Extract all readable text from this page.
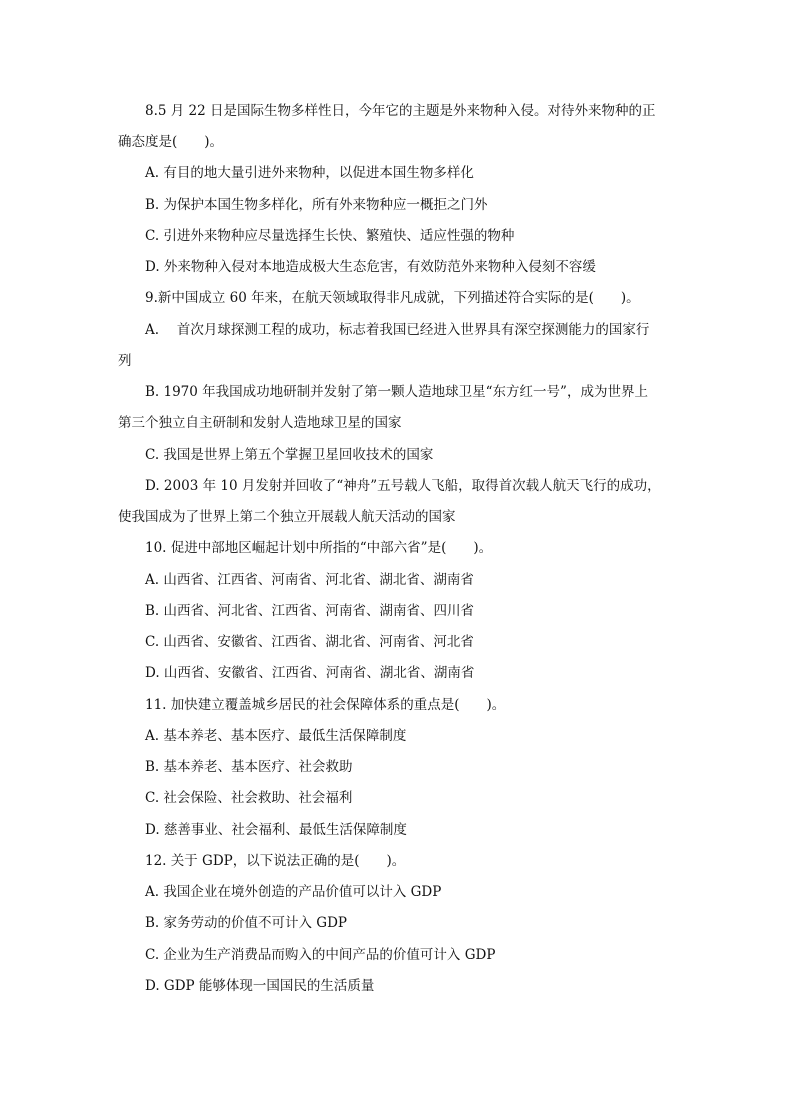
8.5 月 22 日是国际生物多样性日，今年它的主题是外来物种入侵。对待外来物种的正
确态度是(　　)。
A. 有目的地大量引进外来物种，以促进本国生物多样化
B. 为保护本国生物多样化，所有外来物种应一概拒之门外
C. 引进外来物种应尽量选择生长快、繁殖快、适应性强的物种
D. 外来物种入侵对本地造成极大生态危害，有效防范外来物种入侵刻不容缓
9.新中国成立 60 年来，在航天领域取得非凡成就，下列描述符合实际的是(　　)。
A.　 首次月球探测工程的成功，标志着我国已经进入世界具有深空探测能力的国家行
列
B. 1970 年我国成功地研制并发射了第一颗人造地球卫星“东方红一号”，成为世界上
第三个独立自主研制和发射人造地球卫星的国家
C. 我国是世界上第五个掌握卫星回收技术的国家
D. 2003 年 10 月发射并回收了“神舟”五号载人飞船，取得首次载人航天飞行的成功，
使我国成为了世界上第二个独立开展载人航天活动的国家
10. 促进中部地区崛起计划中所指的“中部六省”是(　　)。
A. 山西省、江西省、河南省、河北省、湖北省、湖南省
B. 山西省、河北省、江西省、河南省、湖南省、四川省
C. 山西省、安徽省、江西省、湖北省、河南省、河北省
D. 山西省、安徽省、江西省、河南省、湖北省、湖南省
11. 加快建立覆盖城乡居民的社会保障体系的重点是(　　)。
A. 基本养老、基本医疗、最低生活保障制度
B. 基本养老、基本医疗、社会救助
C. 社会保险、社会救助、社会福利
D. 慈善事业、社会福利、最低生活保障制度
12. 关于 GDP，以下说法正确的是(　　)。
A. 我国企业在境外创造的产品价值可以计入 GDP
B. 家务劳动的价值不可计入 GDP
C. 企业为生产消费品而购入的中间产品的价值可计入 GDP
D. GDP 能够体现一国国民的生活质量
